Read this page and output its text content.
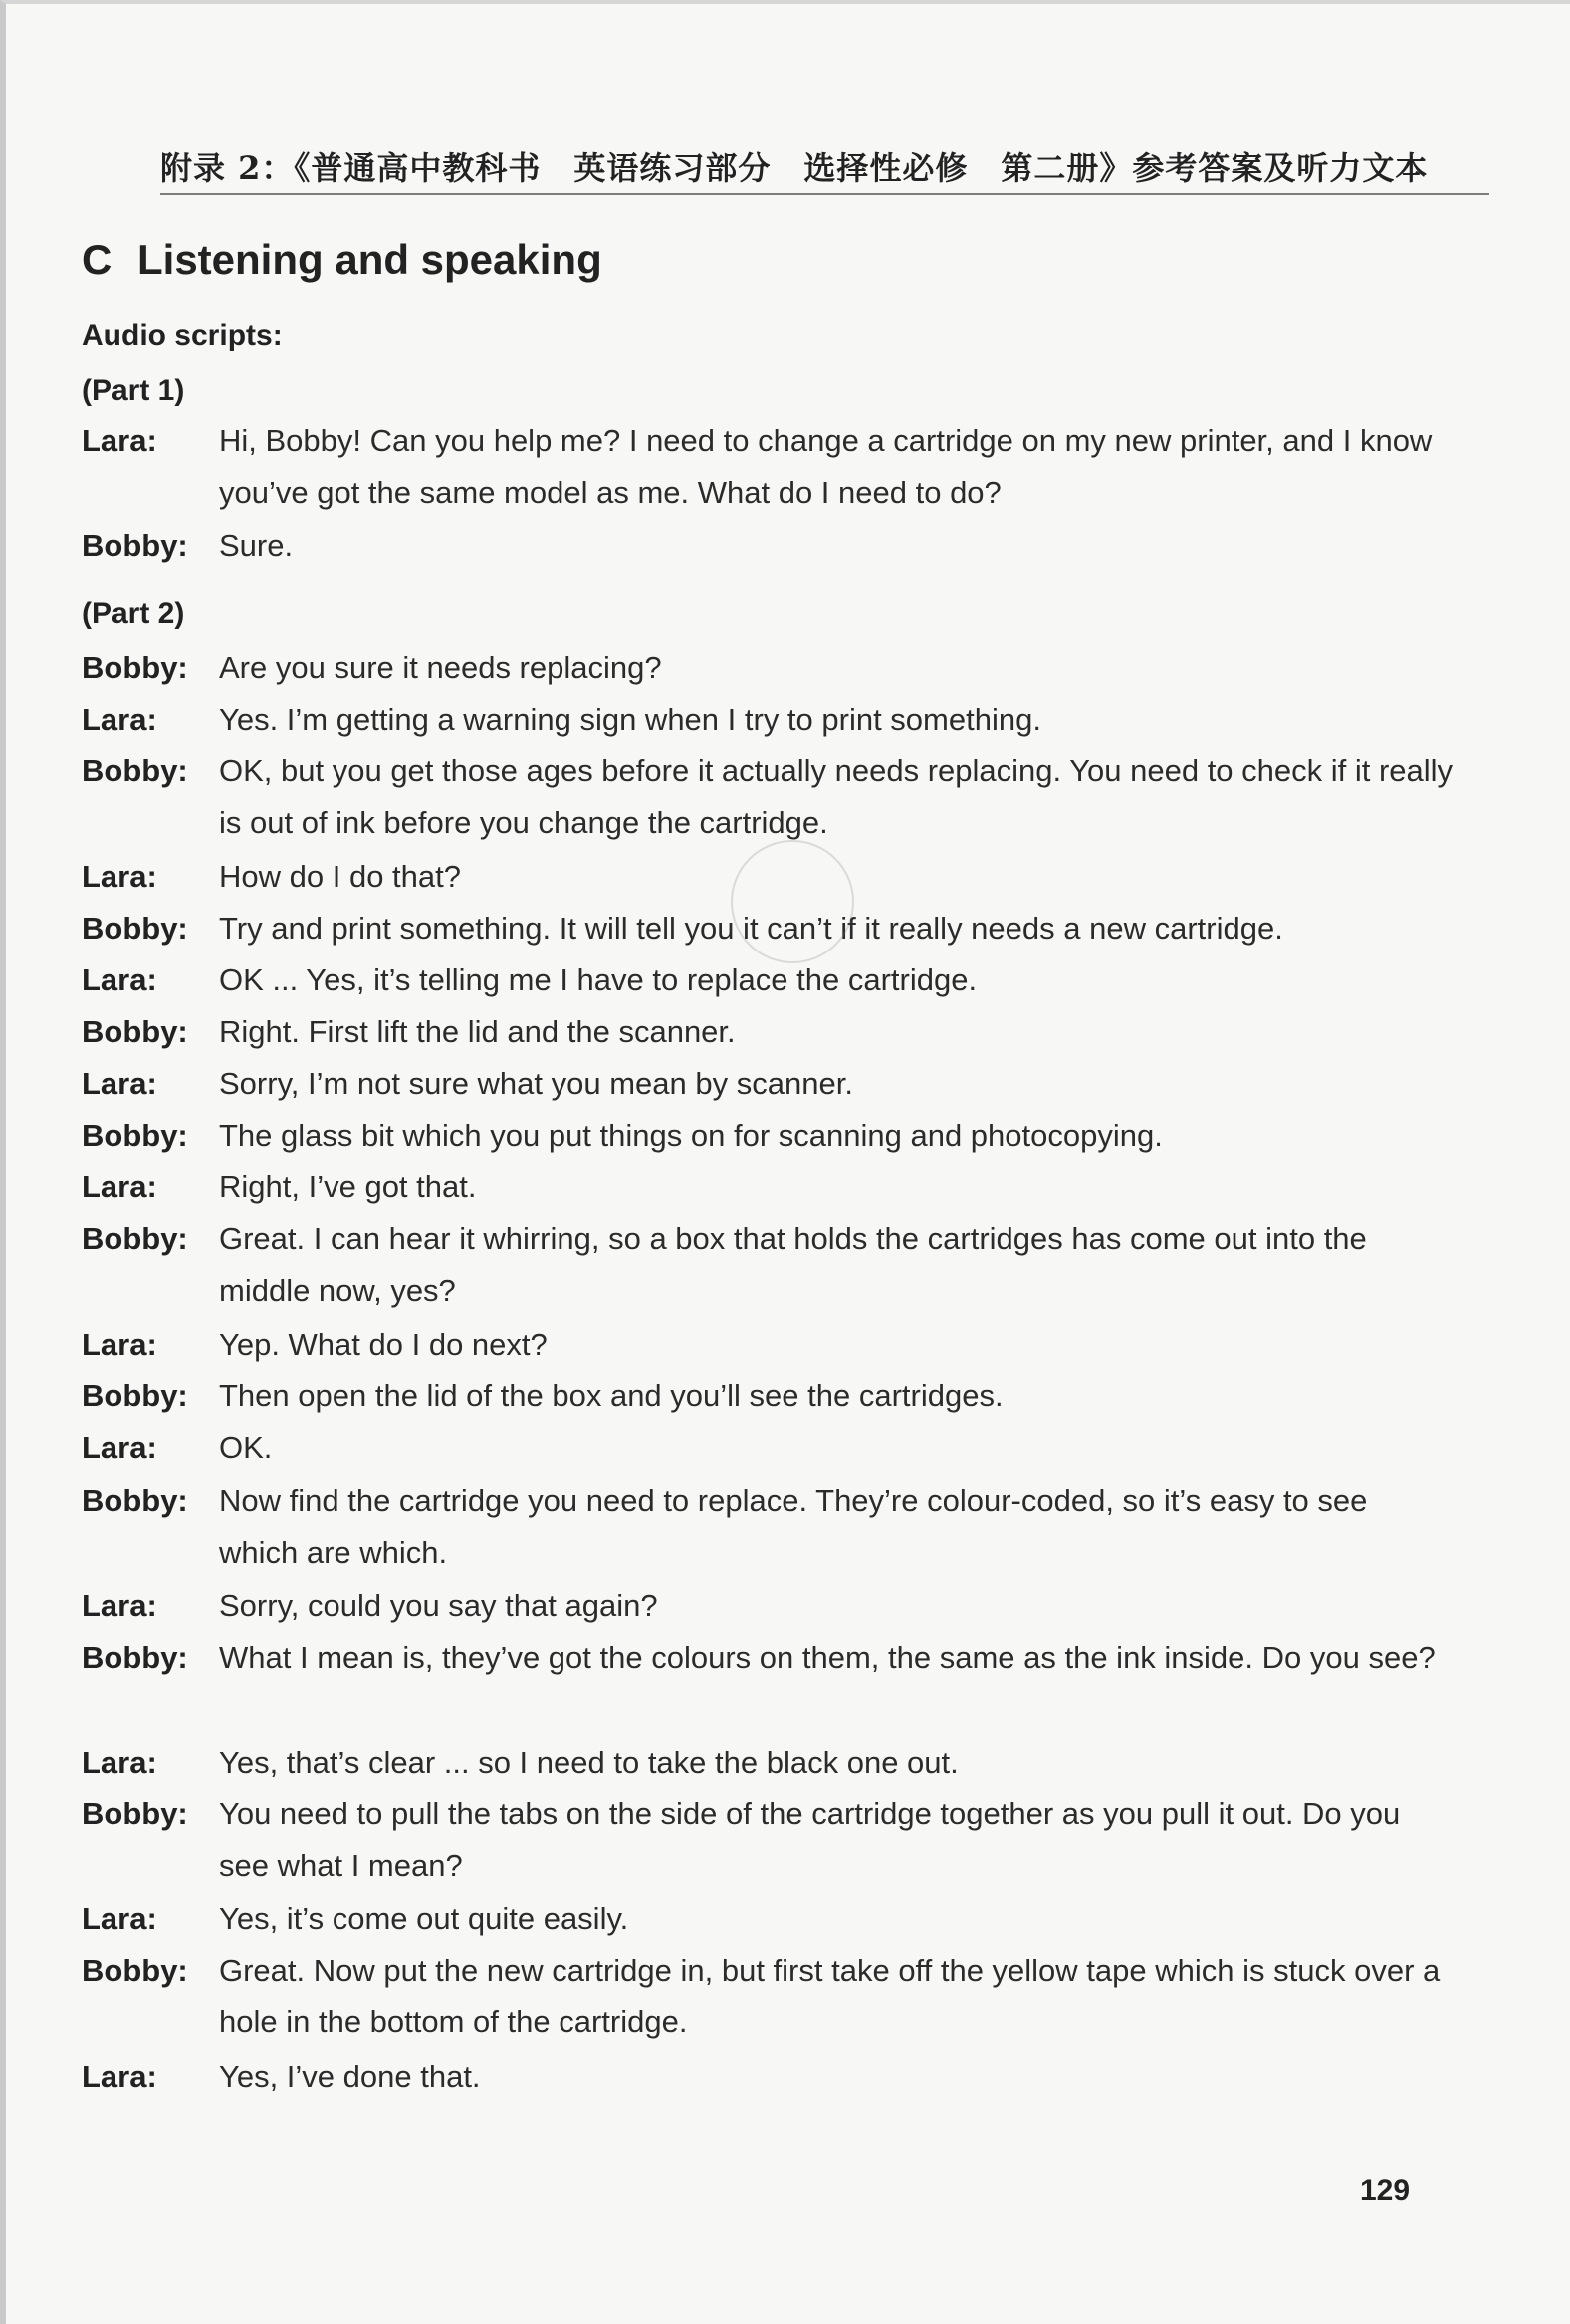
附录 2：《普通高中教科书　英语练习部分　选择性必修　第二册》参考答案及听力文本
C Listening and speaking
Audio scripts:
(Part 1)
Lara: Hi, Bobby! Can you help me? I need to change a cartridge on my new printer, and I know you’ve got the same model as me. What do I need to do?
Bobby: Sure.
(Part 2)
Bobby: Are you sure it needs replacing?
Lara: Yes. I’m getting a warning sign when I try to print something.
Bobby: OK, but you get those ages before it actually needs replacing. You need to check if it really is out of ink before you change the cartridge.
Lara: How do I do that?
Bobby: Try and print something. It will tell you it can’t if it really needs a new cartridge.
Lara: OK ... Yes, it’s telling me I have to replace the cartridge.
Bobby: Right. First lift the lid and the scanner.
Lara: Sorry, I’m not sure what you mean by scanner.
Bobby: The glass bit which you put things on for scanning and photocopying.
Lara: Right, I’ve got that.
Bobby: Great. I can hear it whirring, so a box that holds the cartridges has come out into the middle now, yes?
Lara: Yep. What do I do next?
Bobby: Then open the lid of the box and you’ll see the cartridges.
Lara: OK.
Bobby: Now find the cartridge you need to replace. They’re colour-coded, so it’s easy to see which are which.
Lara: Sorry, could you say that again?
Bobby: What I mean is, they’ve got the colours on them, the same as the ink inside. Do you see?
Lara: Yes, that’s clear ... so I need to take the black one out.
Bobby: You need to pull the tabs on the side of the cartridge together as you pull it out. Do you see what I mean?
Lara: Yes, it’s come out quite easily.
Bobby: Great. Now put the new cartridge in, but first take off the yellow tape which is stuck over a hole in the bottom of the cartridge.
Lara: Yes, I’ve done that.
129
